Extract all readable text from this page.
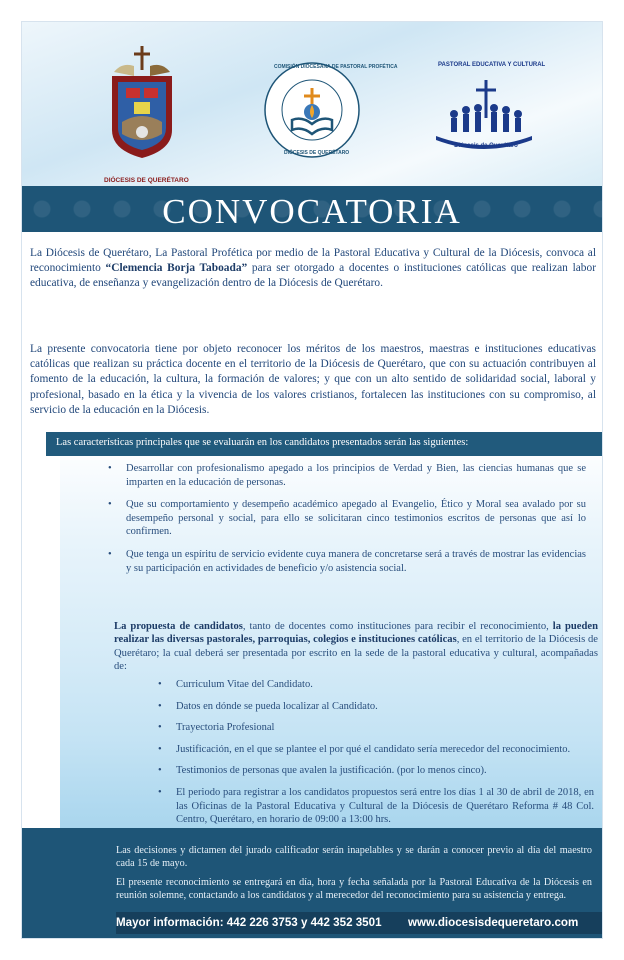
DIÓCESIS DE QUERÉTARO
COMISIÓN DIOCESANA DE PASTORAL PROFÉTICA
DIÓCESIS DE QUERÉTARO
PASTORAL EDUCATIVA Y CULTURAL
Diócesis de Querétaro
CONVOCATORIA

La Diócesis de Querétaro, La Pastoral Profética por medio de la Pastoral Educativa y Cultural de la Diócesis, convoca al reconocimiento “Clemencia Borja Taboada” para ser otorgado a docentes o instituciones católicas que realizan labor educativa, de enseñanza y evangelización dentro de la Diócesis de Querétaro.

La presente convocatoria tiene por objeto reconocer los méritos de los maestros, maestras e instituciones educativas católicas que realizan su práctica docente en el territorio de la Diócesis de Querétaro, que con su actuación contribuyen al fomento de la educación, la cultura, la formación de valores; y que con un alto sentido de solidaridad social, laboral y profesional, basado en la ética y la vivencia de los valores cristianos, fortalecen las instituciones con su compromiso, al servicio de la educación en la Diócesis.

Las características principales que se evaluarán en los candidatos presentados serán las siguientes:
• Desarrollar con profesionalismo apegado a los principios de Verdad y Bien, las ciencias humanas que se imparten en la educación de personas.
• Que su comportamiento y desempeño académico apegado al Evangelio, Ético y Moral sea avalado por su desempeño personal y social, para ello se solicitaran cinco testimonios escritos de personas que así lo confirmen.
• Que tenga un espíritu de servicio evidente cuya manera de concretarse será a través de mostrar las evidencias y su participación en actividades de beneficio y/o asistencia social.

La propuesta de candidatos, tanto de docentes como instituciones para recibir el reconocimiento, la pueden realizar las diversas pastorales, parroquias, colegios e instituciones católicas, en el territorio de la Diócesis de Querétaro; la cual deberá ser presentada por escrito en la sede de la pastoral educativa y cultural, acompañadas de:

• Curriculum Vitae del Candidato.
• Datos en dónde se pueda localizar al Candidato.
• Trayectoria Profesional
• Justificación, en el que se plantee el por qué el candidato sería merecedor del reconocimiento.
• Testimonios de personas que avalen la justificación. (por lo menos cinco).
• El periodo para registrar a los candidatos propuestos será entre los días 1 al 30 de abril de 2018, en las Oficinas de la Pastoral Educativa y Cultural de la Diócesis de Querétaro Reforma # 48 Col. Centro, Querétaro, en horario de 09:00 a 13:00 hrs.

Las decisiones y dictamen del jurado calificador serán inapelables y se darán a conocer previo al día del maestro cada 15 de mayo.

El presente reconocimiento se entregará en día, hora y fecha señalada por la Pastoral Educativa de la Diócesis en reunión solemne, contactando a los candidatos y al merecedor del reconocimiento para su asistencia y entrega.

Mayor información: 442 226 3753 y 442 352 3501 www.diocesisdequeretaro.com
